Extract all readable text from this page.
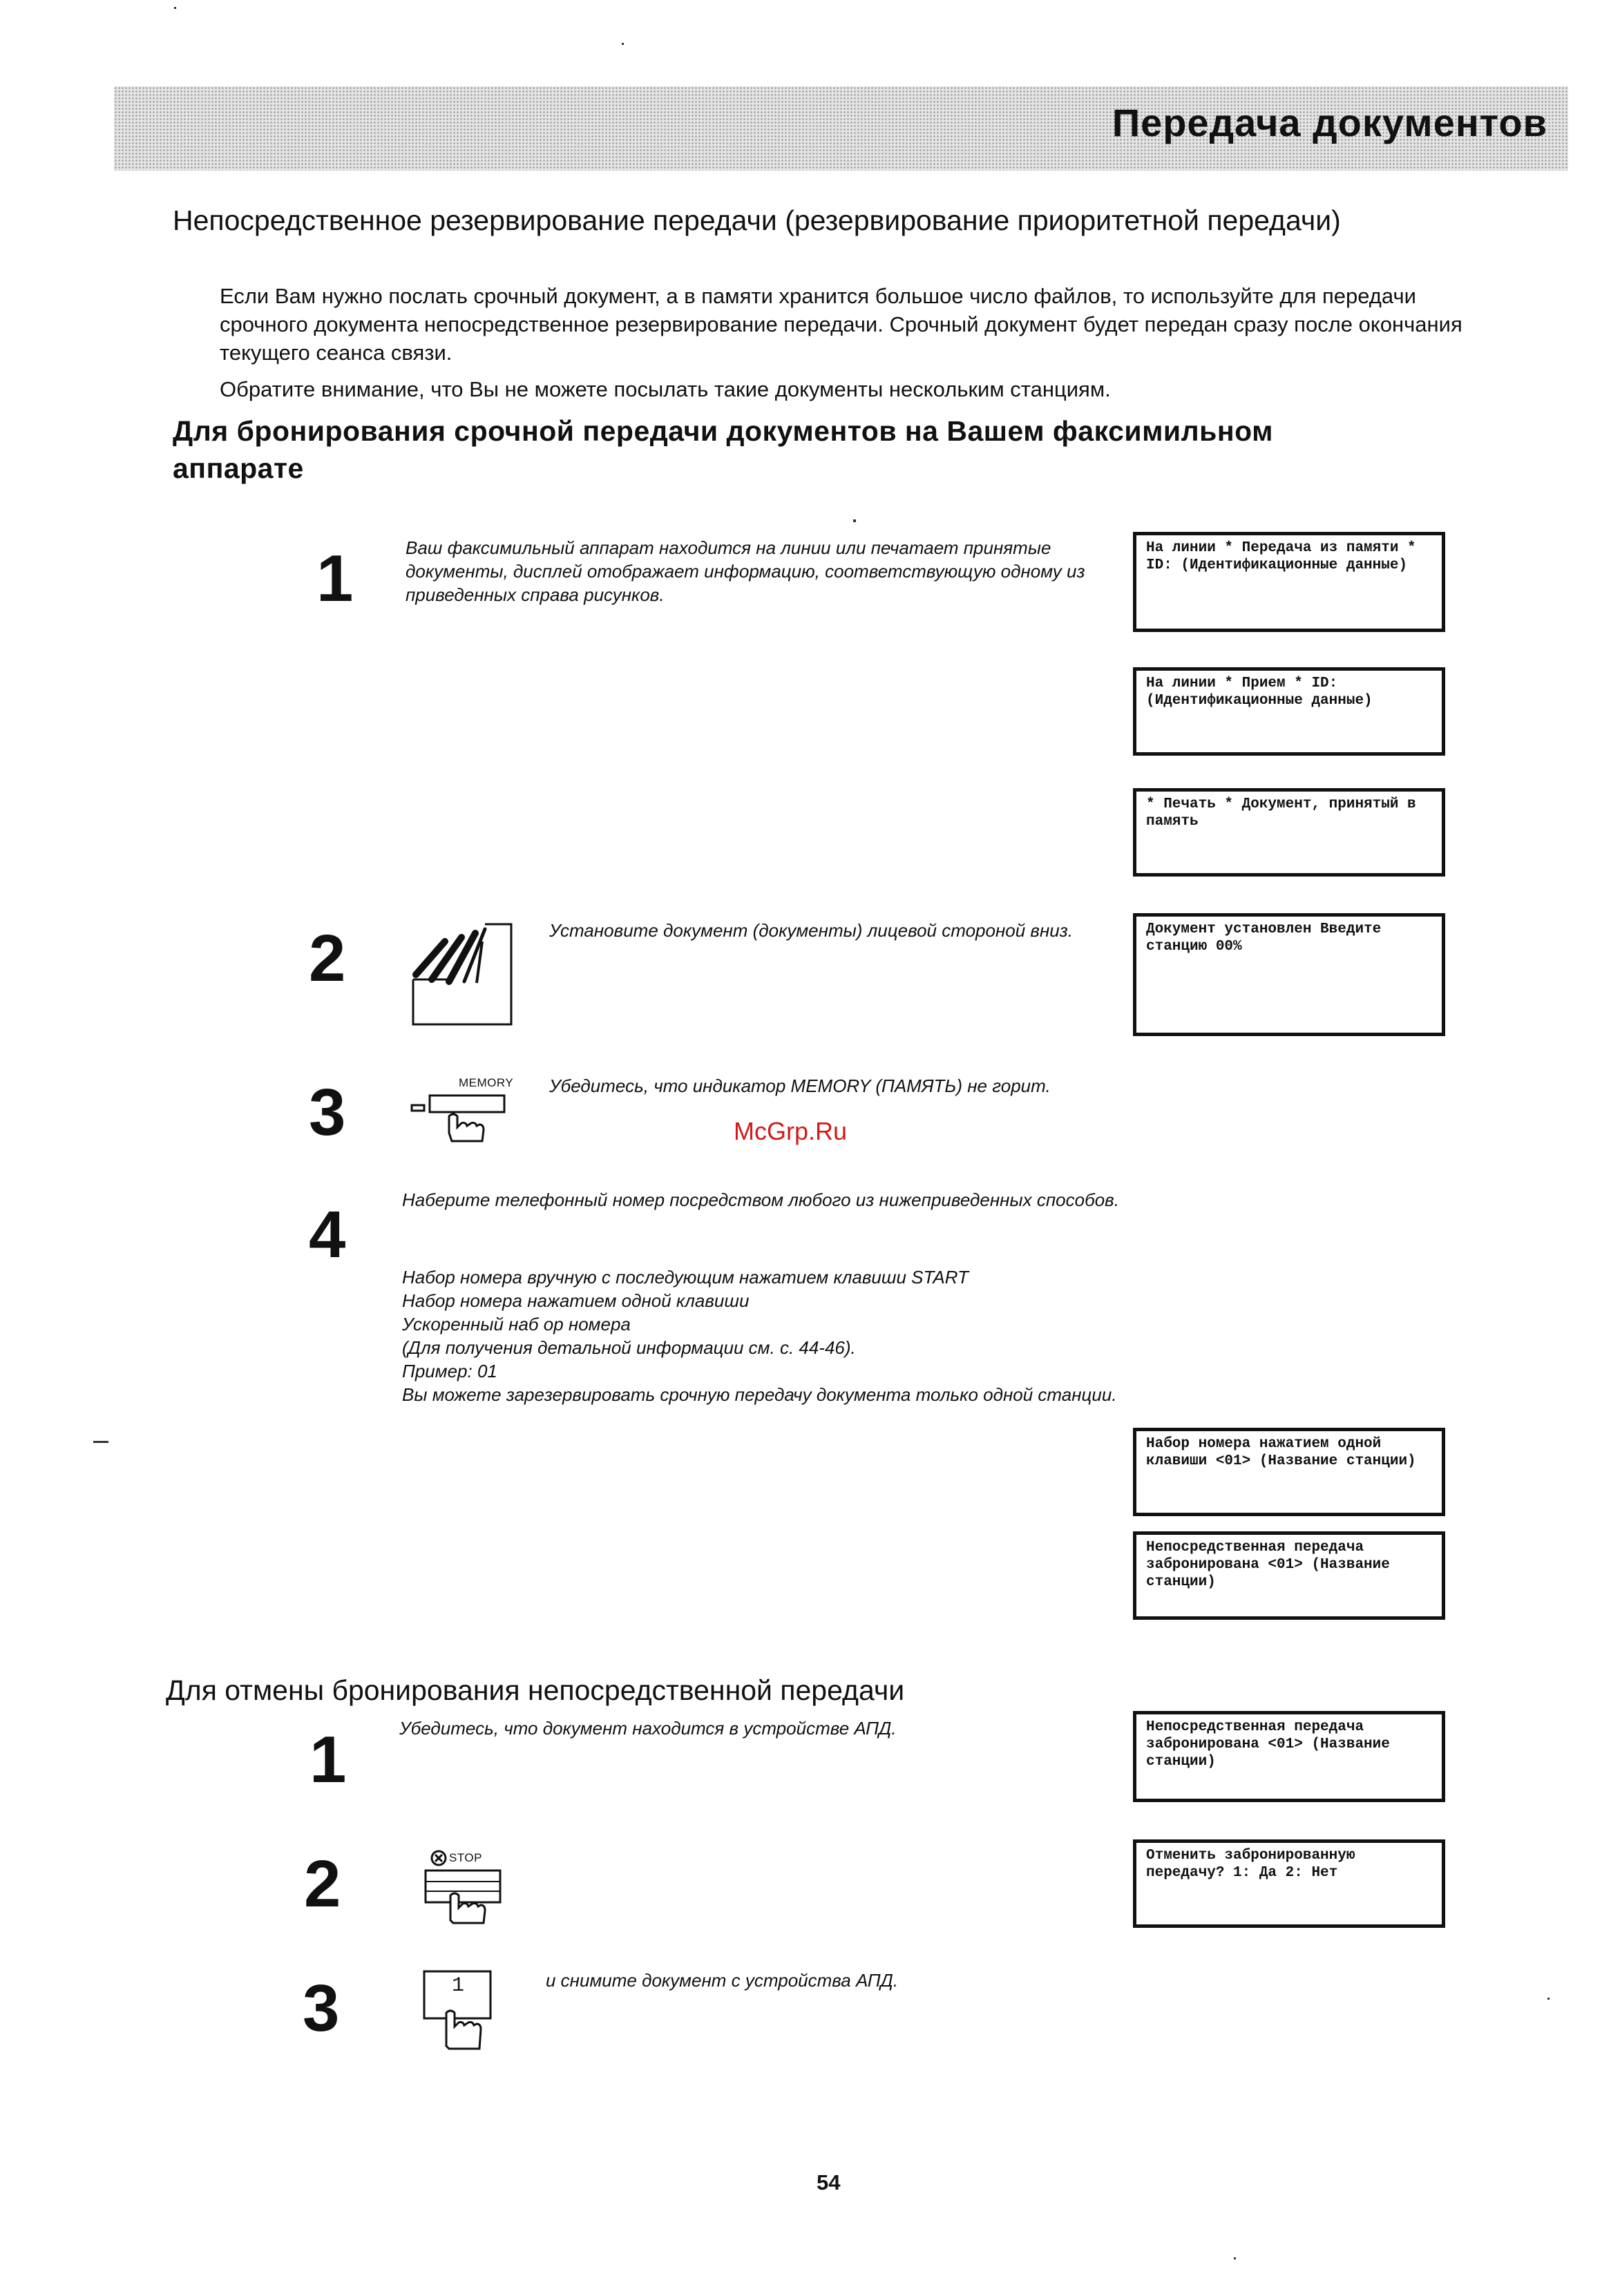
Передача документов
Непосредственное резервирование передачи (резервирование приоритетной передачи)

Если Вам нужно послать срочный документ, а в памяти хранится большое число файлов, то используйте для передачи срочного документа непосредственное резервирование передачи. Срочный документ будет передан сразу после окончания текущего сеанса связи.

Обратите внимание, что Вы не можете посылать такие документы нескольким станциям.

Для бронирования срочной передачи документов на Вашем факсимильном аппарате
1	Ваш факсимильный аппарат находится на линии или печатает принятые документы, дисплей отображает информацию, соответствующую одному из приведенных справа рисунков.

На линии * Передача из памяти * ID: (Идентификационные данные)
На линии * Прием * ID: (Идентификационные данные)
* Печать * Документ, принятый в память
2	Установите документ (документы) лицевой стороной вниз.	Документ установлен Введите станцию 00%
3	MEMORY Убедитесь, что индикатор MEMORY (ПАМЯТЬ) не горит.

McGrp.Ru
4	Наберите телефонный номер посредством любого из нижеприведенных способов.

Набор номера вручную с последующим нажатием клавиши START
Набор номера нажатием одной клавиши
Ускоренный наб ор номера
(Для получения детальной информации см. с. 44-46).
Пример: 01
Вы можете зарезервировать срочную передачу документа только одной станции.
Набор номера нажатием одной клавиши <01> (Название станции)
Непосредственная передача забронирована <01> (Название станции)
Для отмены бронирования непосредственной передачи
1	Убедитесь, что документ находится в устройстве АПД.	Непосредственная передача забронирована <01> (Название станции)
2	STOP	Отменить забронированную передачу? 1: Да 2: Нет
3	1	и снимите документ с устройства АПД.

54
